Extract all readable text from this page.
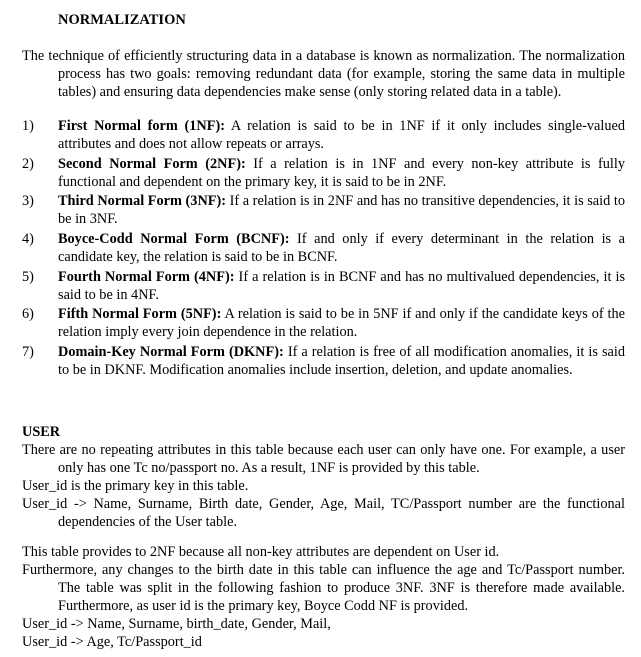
NORMALIZATION

The technique of efficiently structuring data in a database is known as normalization. The normalization process has two goals: removing redundant data (for example, storing the same data in multiple tables) and ensuring data dependencies make sense (only storing related data in a table).

1) First Normal form (1NF): A relation is said to be in 1NF if it only includes single-valued attributes and does not allow repeats or arrays.
2) Second Normal Form (2NF): If a relation is in 1NF and every non-key attribute is fully functional and dependent on the primary key, it is said to be in 2NF.
3) Third Normal Form (3NF): If a relation is in 2NF and has no transitive dependencies, it is said to be in 3NF.
4) Boyce-Codd Normal Form (BCNF): If and only if every determinant in the relation is a candidate key, the relation is said to be in BCNF.
5) Fourth Normal Form (4NF): If a relation is in BCNF and has no multivalued dependencies, it is said to be in 4NF.
6) Fifth Normal Form (5NF): A relation is said to be in 5NF if and only if the candidate keys of the relation imply every join dependence in the relation.
7) Domain-Key Normal Form (DKNF): If a relation is free of all modification anomalies, it is said to be in DKNF. Modification anomalies include insertion, deletion, and update anomalies.

USER

There are no repeating attributes in this table because each user can only have one. For example, a user only has one Tc no/passport no. As a result, 1NF is provided by this table.

User_id is the primary key in this table.

User_id -> Name, Surname, Birth date, Gender, Age, Mail, TC/Passport number are the functional dependencies of the User table.

This table provides to 2NF because all non-key attributes are dependent on User id.

Furthermore, any changes to the birth date in this table can influence the age and Tc/Passport number. The table was split in the following fashion to produce 3NF. 3NF is therefore made available. Furthermore, as user id is the primary key, Boyce Codd NF is provided.

User_id -> Name, Surname, birth_date, Gender, Mail,

User_id -> Age, Tc/Passport_id
